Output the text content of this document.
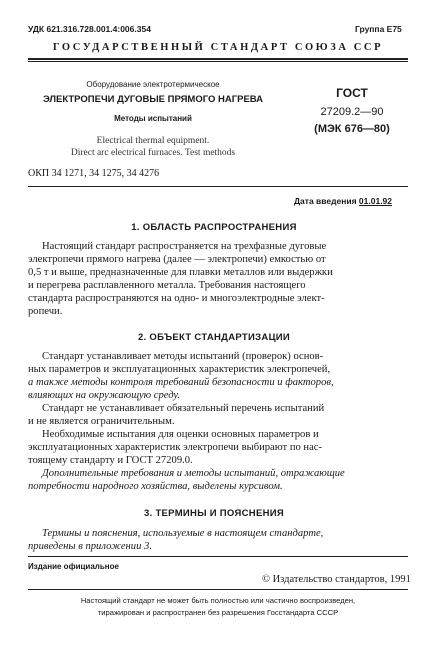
УДК 621.316.728.001.4:006.354	Группа Е75
ГОСУДАРСТВЕННЫЙ СТАНДАРТ СОЮЗА ССР
Оборудование электротермическое
ЭЛЕКТРОПЕЧИ ДУГОВЫЕ ПРЯМОГО НАГРЕВА
Методы испытаний
Electrical thermal equipment.
Direct arc electrical furnaces. Test methods
ГОСТ
27209.2—90
(МЭК 676—80)
ОКП 34 1271, 34 1275, 34 4276
Дата введения 01.01.92
1. ОБЛАСТЬ РАСПРОСТРАНЕНИЯ
Настоящий стандарт распространяется на трехфазные дуговые
электропечи прямого нагрева (далее — электропечи) емкостью от
0,5 т и выше, предназначенные для плавки металлов или выдержки
и перегрева расплавленного металла. Требования настоящего
стандарта распространяются на одно- и многоэлектродные элект-
ропечи.
2. ОБЪЕКТ СТАНДАРТИЗАЦИИ
Стандарт устанавливает методы испытаний (проверок) основ-
ных параметров и эксплуатационных характеристик электропечей,
а также методы контроля требований безопасности и факторов,
влияющих на окружающую среду.
Стандарт не устанавливает обязательный перечень испытаний
и не является ограничительным.
Необходимые испытания для оценки основных параметров и
эксплуатационных характеристик электропечи выбирают по нас-
тоящему стандарту и ГОСТ 27209.0.
Дополнительные требования и методы испытаний, отражающие
потребности народного хозяйства, выделены курсивом.
3. ТЕРМИНЫ И ПОЯСНЕНИЯ
Термины и пояснения, используемые в настоящем стандарте,
приведены в приложении 3.
Издание официальное
© Издательство стандартов, 1991
Настоящий стандарт не может быть полностью или частично воспроизведен,
тиражирован и распространен без разрешения Госстандарта СССР
